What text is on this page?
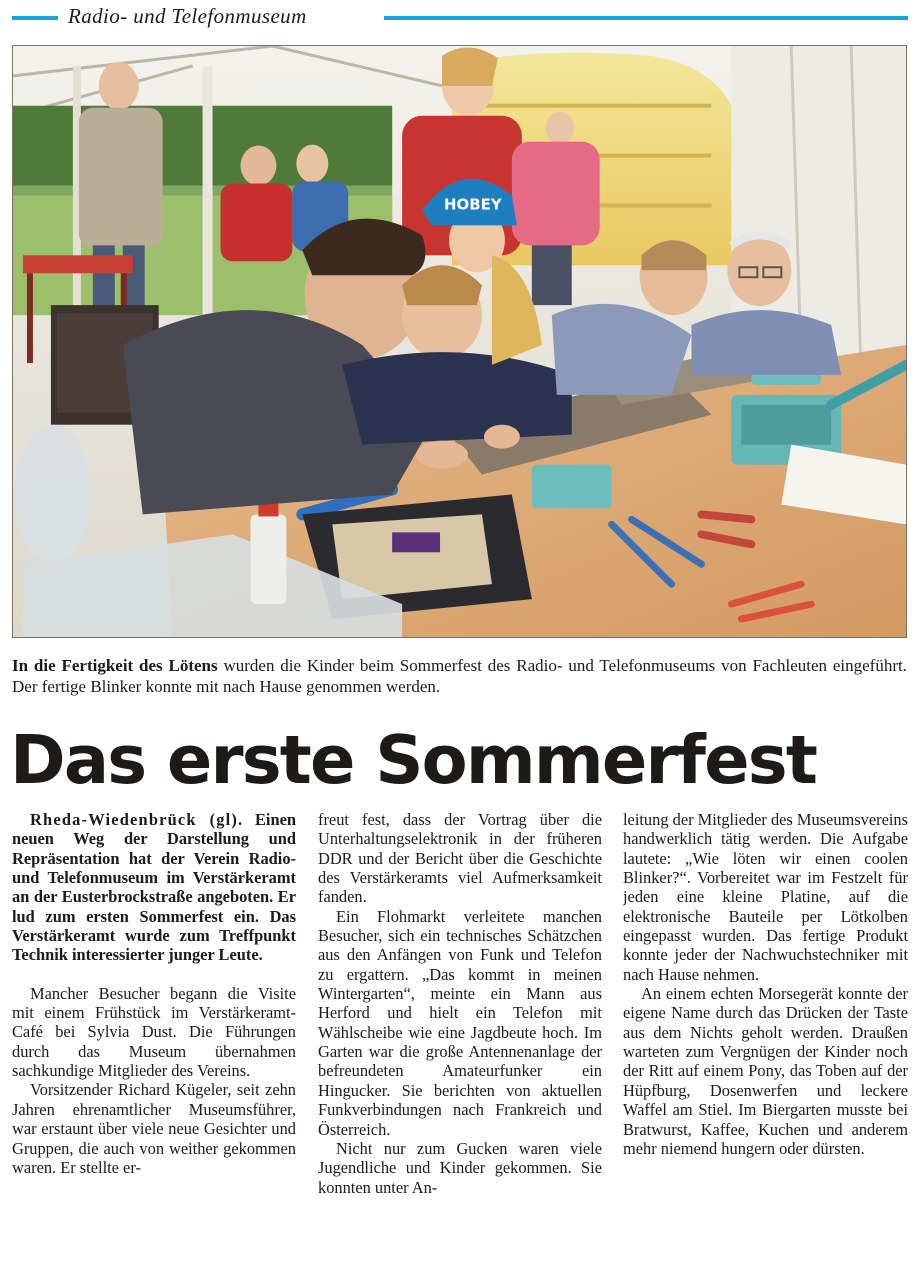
Radio- und Telefonmuseum
HOBEY
In die Fertigkeit des Lötens wurden die Kinder beim Sommerfest des Radio- und Telefonmuseums von Fachleuten eingeführt. Der fertige Blinker konnte mit nach Hause genommen werden.
Das erste Sommerfest

Rheda-Wiedenbrück (gl). Einen neuen Weg der Darstellung und Repräsentation hat der Verein Radio- und Telefonmuseum im Verstärkeramt an der Eusterbrockstraße angeboten. Er lud zum ersten Sommerfest ein. Das Verstärkeramt wurde zum Treffpunkt Technik interessierter junger Leute.

Mancher Besucher begann die Visite mit einem Frühstück im Verstärkeramt-Café bei Sylvia Dust. Die Führungen durch das Museum übernahmen sachkundige Mitglieder des Vereins.

Vorsitzender Richard Kügeler, seit zehn Jahren ehrenamtlicher Museumsführer, war erstaunt über viele neue Gesichter und Gruppen, die auch von weither gekommen waren. Er stellte er-

freut fest, dass der Vortrag über die Unterhaltungselektronik in der früheren DDR und der Bericht über die Geschichte des Verstärkeramts viel Aufmerksamkeit fanden.

Ein Flohmarkt verleitete manchen Besucher, sich ein technisches Schätzchen aus den Anfängen von Funk und Telefon zu ergattern. „Das kommt in meinen Wintergarten“, meinte ein Mann aus Herford und hielt ein Telefon mit Wählscheibe wie eine Jagdbeute hoch. Im Garten war die große Antennenanlage der befreundeten Amateurfunker ein Hingucker. Sie berichten von aktuellen Funkverbindungen nach Frankreich und Österreich.

Nicht nur zum Gucken waren viele Jugendliche und Kinder gekommen. Sie konnten unter An-

leitung der Mitglieder des Museumsvereins handwerklich tätig werden. Die Aufgabe lautete: „Wie löten wir einen coolen Blinker?“. Vorbereitet war im Festzelt für jeden eine kleine Platine, auf die elektronische Bauteile per Lötkolben eingepasst wurden. Das fertige Produkt konnte jeder der Nachwuchstechniker mit nach Hause nehmen.

An einem echten Morsegerät konnte der eigene Name durch das Drücken der Taste aus dem Nichts geholt werden. Draußen warteten zum Vergnügen der Kinder noch der Ritt auf einem Pony, das Toben auf der Hüpfburg, Dosenwerfen und leckere Waffel am Stiel. Im Biergarten musste bei Bratwurst, Kaffee, Kuchen und anderem mehr niemend hungern oder dürsten.
